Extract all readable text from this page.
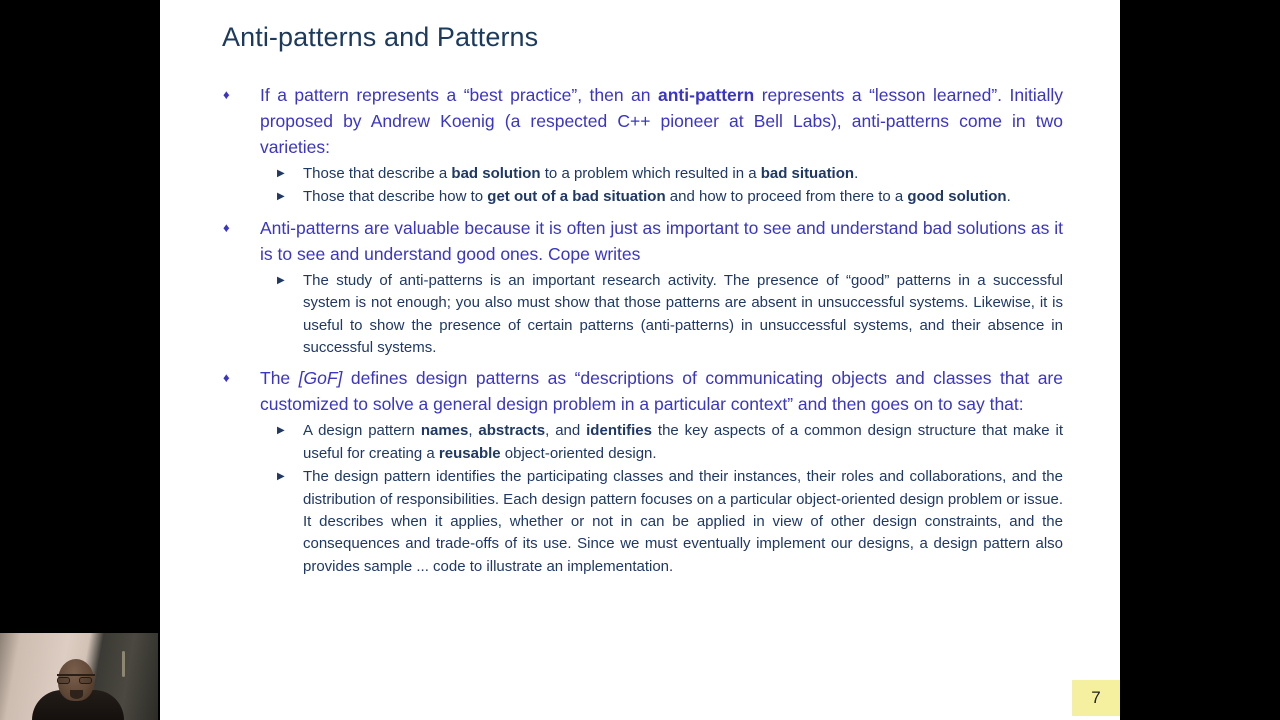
Anti-patterns and Patterns
♦ If a pattern represents a “best practice”, then an anti-pattern represents a “lesson learned”. Initially proposed by Andrew Koenig (a respected C++ pioneer at Bell Labs), anti-patterns come in two varieties:
▶ Those that describe a bad solution to a problem which resulted in a bad situation.
▶ Those that describe how to get out of a bad situation and how to proceed from there to a good solution.
♦ Anti-patterns are valuable because it is often just as important to see and understand bad solutions as it is to see and understand good ones. Cope writes
▶ The study of anti-patterns is an important research activity. The presence of “good” patterns in a successful system is not enough; you also must show that those patterns are absent in unsuccessful systems. Likewise, it is useful to show the presence of certain patterns (anti-patterns) in unsuccessful systems, and their absence in successful systems.
♦ The [GoF] defines design patterns as “descriptions of communicating objects and classes that are customized to solve a general design problem in a particular context” and then goes on to say that:
▶ A design pattern names, abstracts, and identifies the key aspects of a common design structure that make it useful for creating a reusable object-oriented design.
▶ The design pattern identifies the participating classes and their instances, their roles and collaborations, and the distribution of responsibilities. Each design pattern focuses on a particular object-oriented design problem or issue. It describes when it applies, whether or not in can be applied in view of other design constraints, and the consequences and trade-offs of its use. Since we must eventually implement our designs, a design pattern also provides sample ... code to illustrate an implementation.
7
